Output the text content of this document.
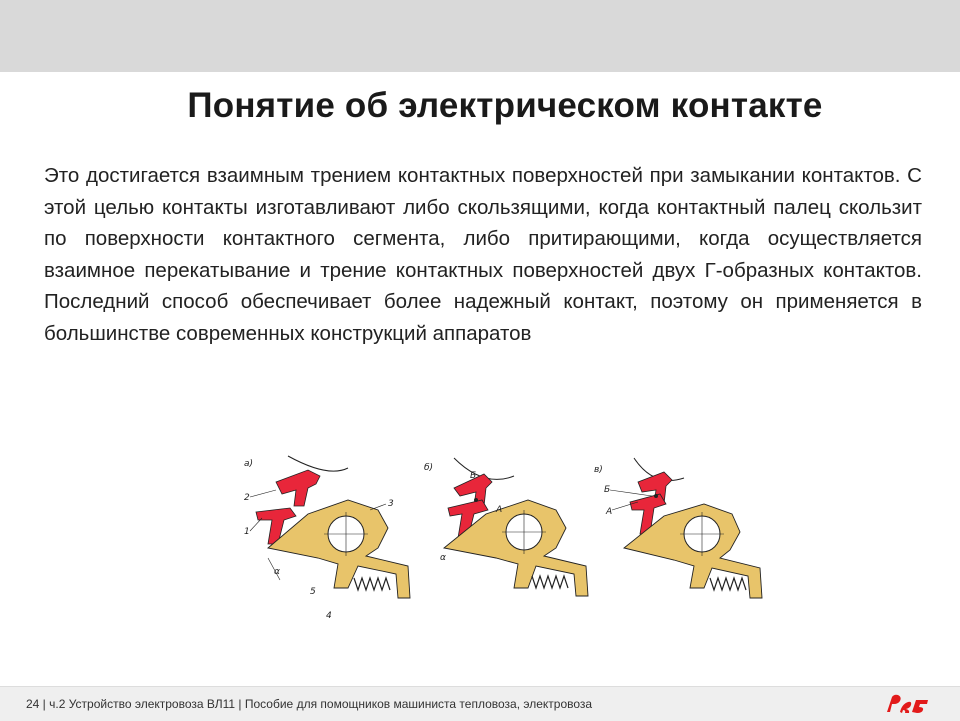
Понятие об электрическом контакте

Это достигается взаимным трением контактных поверхностей при замыкании контактов. С этой целью контакты изготавливают либо скользящими, когда контактный палец скользит по поверхности контактного сегмента, либо притирающими, когда осуществляется взаимное перекатывание и трение контактных поверхностей двух Г-образных контактов. Последний способ обеспечивает более надежный контакт, поэтому он применяется в большинстве современных конструкций аппаратов

а)
2
1
3
4
5
α
б)
Б
А
α
в)
Б
А
24 | ч.2 Устройство электровоза ВЛ11 | Пособие для помощников машиниста тепловоза, электровоза
